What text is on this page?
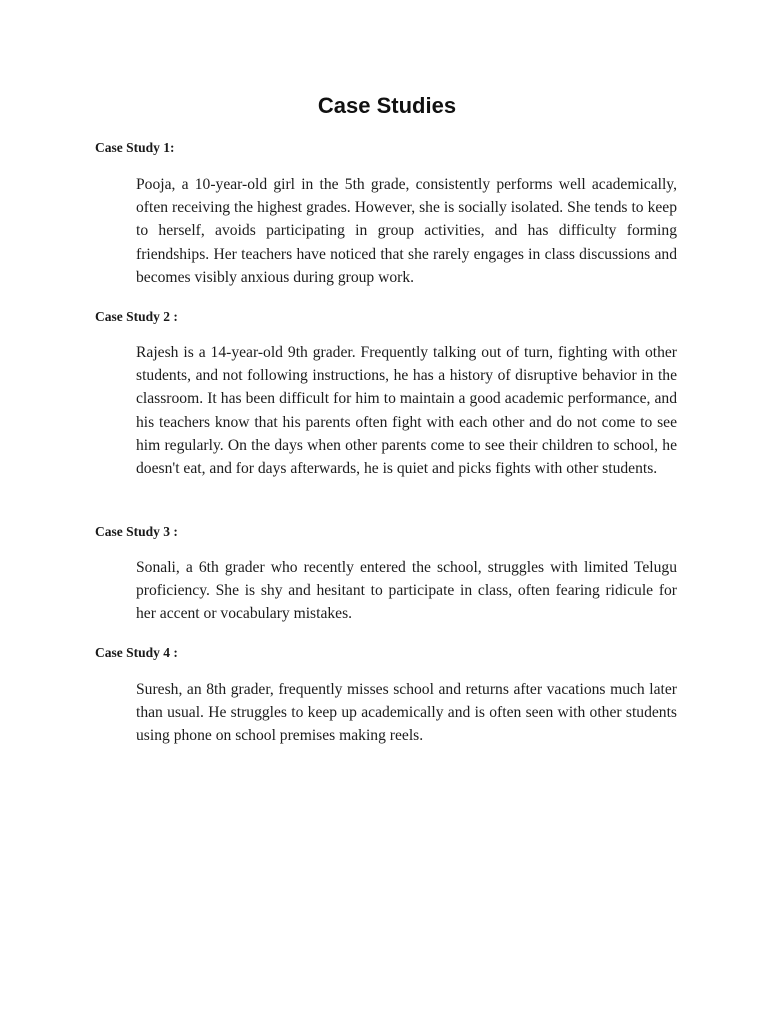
Case Studies
Case Study 1:

Pooja, a 10-year-old girl in the 5th grade, consistently performs well academically, often receiving the highest grades. However, she is socially isolated. She tends to keep to herself, avoids participating in group activities, and has difficulty forming friendships. Her teachers have noticed that she rarely engages in class discussions and becomes visibly anxious during group work.

Case Study 2 :

Rajesh is a 14-year-old 9th grader. Frequently talking out of turn, fighting with other students, and not following instructions, he has a history of disruptive behavior in the classroom. It has been difficult for him to maintain a good academic performance, and his teachers know that his parents often fight with each other and do not come to see him regularly. On the days when other parents come to see their children to school, he doesn't eat, and for days afterwards, he is quiet and picks fights with other students.

Case Study 3 :

Sonali, a 6th grader who recently entered the school, struggles with limited Telugu proficiency. She is shy and hesitant to participate in class, often fearing ridicule for her accent or vocabulary mistakes.

Case Study 4 :

Suresh, an 8th grader, frequently misses school and returns after vacations much later than usual. He struggles to keep up academically and is often seen with other students using phone on school premises making reels.
